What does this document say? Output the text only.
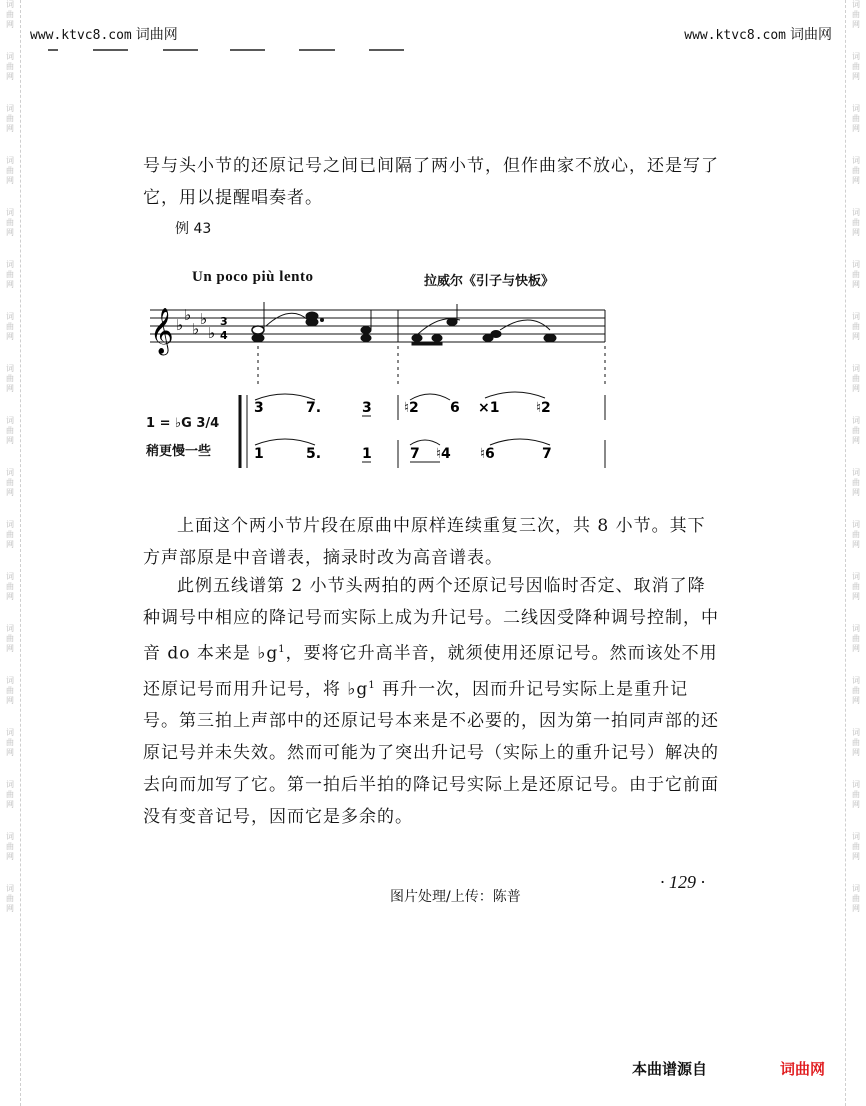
词
曲
网
词
曲
网
词
曲
网
词
曲
网
词
曲
网
词
曲
网
词
曲
网
词
曲
网
词
曲
网
词
曲
网
词
曲
网
词
曲
网
词
曲
网
词
曲
网
词
曲
网
词
曲
网
词
曲
网
词
曲
网
词
曲
网
词
曲
网
词
曲
网
词
曲
网
词
曲
网
词
曲
网
词
曲
网
词
曲
网
词
曲
网
词
曲
网
词
曲
网
词
曲
网
词
曲
网
词
曲
网
词
曲
网
词
曲
网
词
曲
网
词
曲
网
www.ktvc8.com 词曲网	www.ktvc8.com 词曲网

号与头小节的还原记号之间已间隔了两小节，但作曲家不放心，还是写了它，用以提醒唱奏者。

例 43
Un poco più lento	拉威尔《引子与快板》
𝄞 ♭
♭
♭
♭
♭
3
4
3	7.	3 ♮2 6 ×1	♮2
1	5.	1	7 ♮4 ♮6	7
1 = ♭G 3/4
稍更慢一些

上面这个两小节片段在原曲中原样连续重复三次，共 8 小节。其下方声部原是中音谱表，摘录时改为高音谱表。

此例五线谱第 2 小节头两拍的两个还原记号因临时否定、取消了降种调号中相应的降记号而实际上成为升记号。二线因受降种调号控制，中音 do 本来是 $♭g^1$，要将它升高半音，就须使用还原记号。然而该处不用还原记号而用升记号，将 $♭g^1$ 再升一次，因而升记号实际上是重升记号。第三拍上声部中的还原记号本来是不必要的，因为第一拍同声部的还原记号并未失效。然而可能为了突出升记号（实际上的重升记号）解决的去向而加写了它。第一拍后半拍的降记号实际上是还原记号。由于它前面没有变音记号，因而它是多余的。

· 129 ·
图片处理/上传：陈普
本曲谱源自	词曲网
